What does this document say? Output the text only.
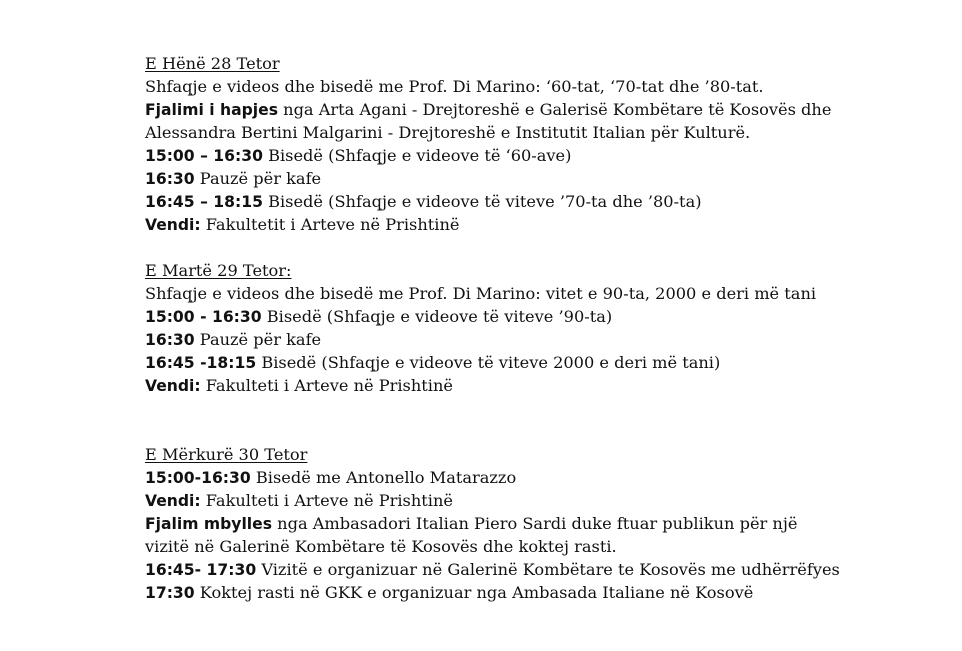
E Hënë 28 Tetor
Shfaqje e videos dhe bisedë me Prof. Di Marino: ‘60-tat, ‘70-tat dhe ’80-tat.
Fjalimi i hapjes nga Arta Agani - Drejtoreshë e Galerisë Kombëtare të Kosovës dhe
Alessandra Bertini Malgarini - Drejtoreshë e Institutit Italian për Kulturë.
15:00 – 16:30 Bisedë (Shfaqje e videove të ‘60-ave)
16:30 Pauzë për kafe
16:45 – 18:15 Bisedë (Shfaqje e videove të viteve ’70-ta dhe ’80-ta)
Vendi: Fakultetit i Arteve në Prishtinë
E Martë 29 Tetor:
Shfaqje e videos dhe bisedë me Prof. Di Marino: vitet e 90-ta, 2000 e deri më tani
15:00 - 16:30 Bisedë (Shfaqje e videove të viteve ’90-ta)
16:30 Pauzë për kafe
16:45 -18:15 Bisedë (Shfaqje e videove të viteve 2000 e deri më tani)
Vendi: Fakulteti i Arteve në Prishtinë
E Mërkurë 30 Tetor
15:00-16:30 Bisedë me Antonello Matarazzo
Vendi: Fakulteti i Arteve në Prishtinë
Fjalim mbylles nga Ambasadori Italian Piero Sardi duke ftuar publikun për një
vizitë në Galerinë Kombëtare të Kosovës dhe koktej rasti.
16:45- 17:30 Vizitë e organizuar në Galerinë Kombëtare te Kosovës me udhërrëfyes
17:30 Koktej rasti në GKK e organizuar nga Ambasada Italiane në Kosovë
